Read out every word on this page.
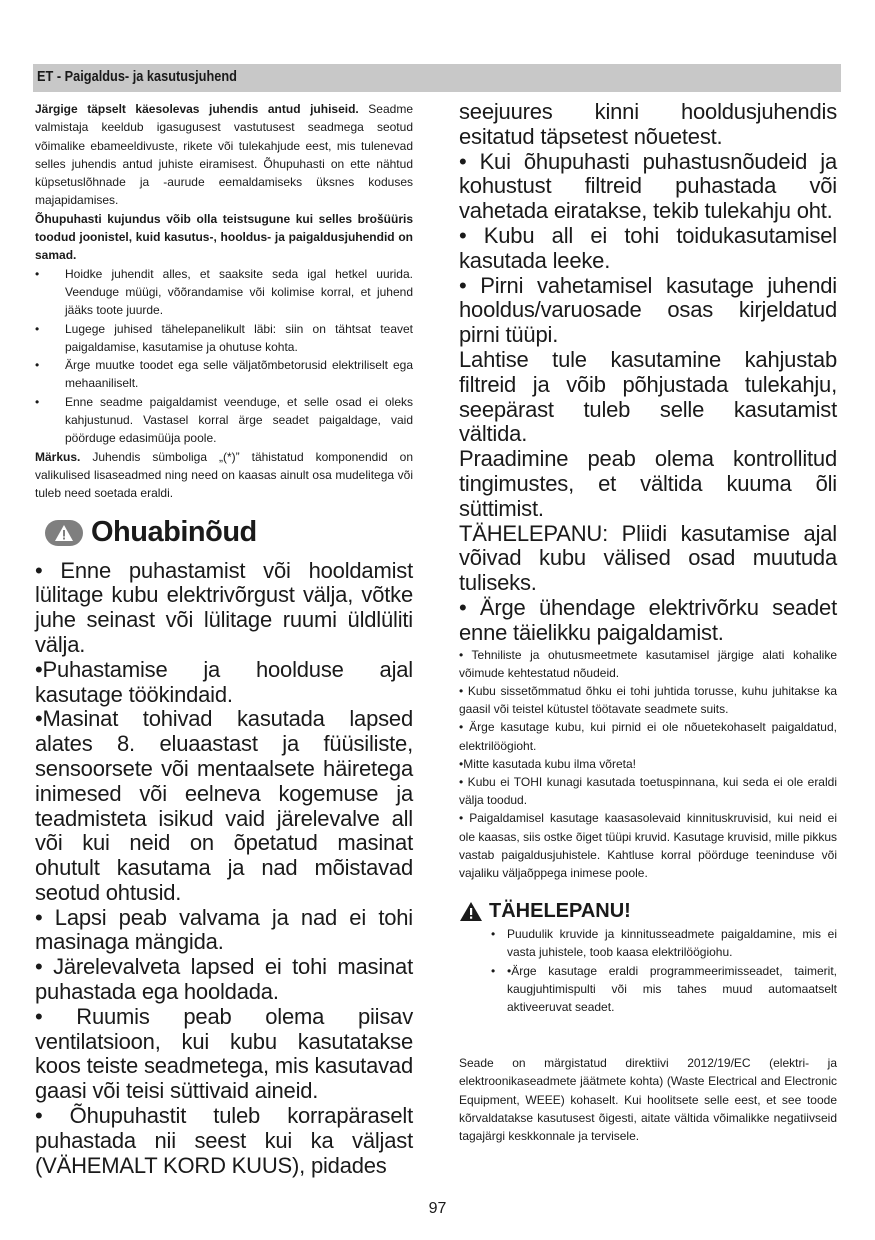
ET - Paigaldus- ja kasutusjuhend

Järgige täpselt käesolevas juhendis antud juhiseid. Seadme valmistaja keeldub igasugusest vastutusest seadmega seotud võimalike ebameeldivuste, rikete või tulekahjude eest, mis tulenevad selles juhendis antud juhiste eiramisest. Õhupuhasti on ette nähtud küpsetuslõhnade ja -aurude eemaldamiseks üksnes koduses majapidamises.

Õhupuhasti kujundus võib olla teistsugune kui selles brošüüris toodud joonistel, kuid kasutus-, hooldus- ja paigaldusjuhendid on samad.

• Hoidke juhendit alles, et saaksite seda igal hetkel uurida. Veenduge müügi, võõrandamise või kolimise korral, et juhend jääks toote juurde.
• Lugege juhised tähelepanelikult läbi: siin on tähtsat teavet paigaldamise, kasutamise ja ohutuse kohta.
• Ärge muutke toodet ega selle väljatõmbetorusid elektriliselt ega mehaaniliselt.
• Enne seadme paigaldamist veenduge, et selle osad ei oleks kahjustunud. Vastasel korral ärge seadet paigaldage, vaid pöörduge edasimüüja poole.

Märkus. Juhendis sümboliga „(*)” tähistatud komponendid on valikulised lisaseadmed ning need on kaasas ainult osa mudelitega või tuleb need soetada eraldi.

Ohuabinõud

• Enne puhastamist või hooldamist lülitage kubu elektrivõrgust välja, võtke juhe seinast või lülitage ruumi üldlüliti välja.

•Puhastamise ja hoolduse ajal kasutage töökindaid.

•Masinat tohivad kasutada lapsed alates 8. eluaastast ja füüsiliste, sensoorsete või mentaalsete häiretega inimesed või eelneva kogemuse ja teadmisteta isikud vaid järelevalve all või kui neid on õpetatud masinat ohutult kasutama ja nad mõistavad seotud ohtusid.

• Lapsi peab valvama ja nad ei tohi masinaga mängida.

• Järelevalveta lapsed ei tohi masinat puhastada ega hooldada.

• Ruumis peab olema piisav ventilatsioon, kui kubu kasutatakse koos teiste seadmetega, mis kasutavad gaasi või teisi süttivaid aineid.

• Õhupuhastit tuleb korrapäraselt puhastada nii seest kui ka väljast (VÄHEMALT KORD KUUS), pidades

seejuures kinni hooldusjuhendis esitatud täpsetest nõuetest.

• Kui õhupuhasti puhastusnõudeid ja kohustust filtreid puhastada või vahetada eiratakse, tekib tulekahju oht.

• Kubu all ei tohi toidukasutamisel kasutada leeke.

• Pirni vahetamisel kasutage juhendi hooldus/varuosade osas kirjeldatud pirni tüüpi.

Lahtise tule kasutamine kahjustab filtreid ja võib põhjustada tulekahju, seepärast tuleb selle kasutamist vältida.

Praadimine peab olema kontrollitud tingimustes, et vältida kuuma õli süttimist.

TÄHELEPANU: Pliidi kasutamise ajal võivad kubu välised osad muutuda tuliseks.

• Ärge ühendage elektrivõrku seadet enne täielikku paigaldamist.

• Tehniliste ja ohutusmeetmete kasutamisel järgige alati kohalike võimude kehtestatud nõudeid.

• Kubu sissetõmmatud õhku ei tohi juhtida torusse, kuhu juhitakse ka gaasil või teistel kütustel töötavate seadmete suits.

• Ärge kasutage kubu, kui pirnid ei ole nõuetekohaselt paigaldatud, elektrilöögioht.

•Mitte kasutada kubu ilma võreta!

• Kubu ei TOHI kunagi kasutada toetuspinnana, kui seda ei ole eraldi välja toodud.

• Paigaldamisel kasutage kaasasolevaid kinnituskruvisid, kui neid ei ole kaasas, siis ostke õiget tüüpi kruvid. Kasutage kruvisid, mille pikkus vastab paigaldusjuhistele. Kahtluse korral pöörduge teeninduse või vajaliku väljaõppega inimese poole.

TÄHELEPANU!
• Puudulik kruvide ja kinnitusseadmete paigaldamine, mis ei vasta juhistele, toob kaasa elektrilöögiohu.
• •Ärge kasutage eraldi programmeerimisseadet, taimerit, kaugjuhtimispulti või mis tahes muud automaatselt aktiveeruvat seadet.

Seade on märgistatud direktiivi 2012/19/EC (elektri- ja elektroonikaseadmete jäätmete kohta) (Waste Electrical and Electronic Equipment, WEEE) kohaselt. Kui hoolitsete selle eest, et see toode kõrvaldatakse kasutusest õigesti, aitate vältida võimalikke negatiivseid tagajärgi keskkonnale ja tervisele.

97
